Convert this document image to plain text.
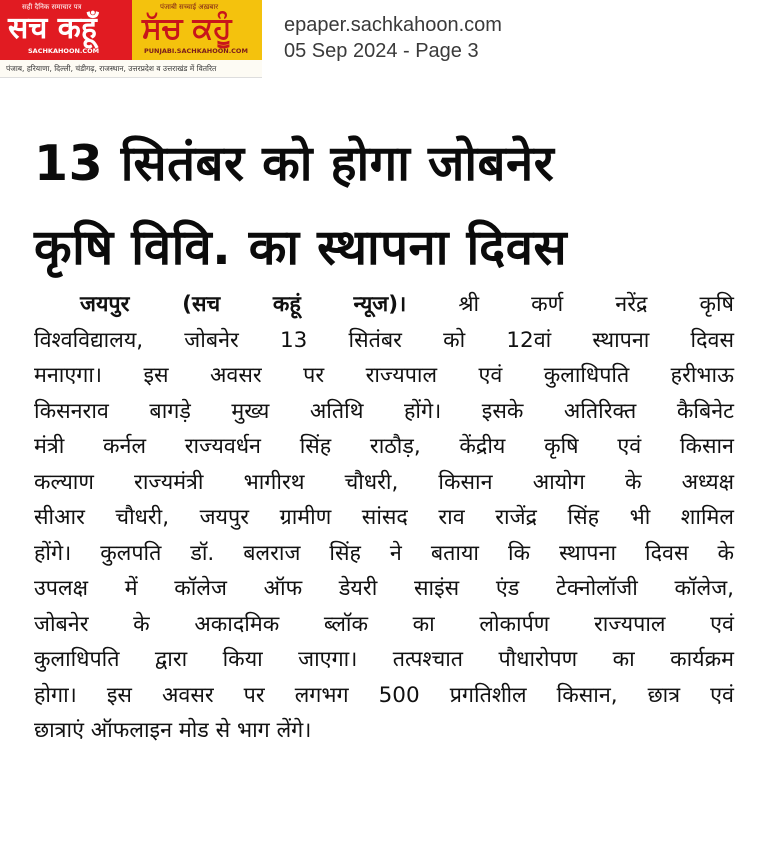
सही दैनिक समाचार पत्र
सच कहूँ
SACHKAHOON.COM
पंजाबी सच्चाई अख़बार
ਸੱਚ ਕਹੂੰ
PUNJABI.SACHKAHOON.COM
पंजाब, हरियाणा, दिल्ली, चंडीगढ़, राजस्थान, उत्तरप्रदेश व उत्तराखंड में वितरित
epaper.sachkahoon.com
05 Sep 2024 - Page 3
13 सितंबर को होगा जोबनेर
कृषि विवि. का स्थापना दिवस
जयपुर (सच कहूं न्यूज)। श्री कर्ण नरेंद्र कृषि
विश्वविद्यालय, जोबनेर 13 सितंबर को 12वां स्थापना दिवस
मनाएगा। इस अवसर पर राज्यपाल एवं कुलाधिपति हरीभाऊ
किसनराव बागड़े मुख्य अतिथि होंगे। इसके अतिरिक्त कैबिनेट
मंत्री कर्नल राज्यवर्धन सिंह राठौड़, केंद्रीय कृषि एवं किसान
कल्याण राज्यमंत्री भागीरथ चौधरी, किसान आयोग के अध्यक्ष
सीआर चौधरी, जयपुर ग्रामीण सांसद राव राजेंद्र सिंह भी शामिल
होंगे। कुलपति डॉ. बलराज सिंह ने बताया कि स्थापना दिवस के
उपलक्ष में कॉलेज ऑफ डेयरी साइंस एंड टेक्नोलॉजी कॉलेज,
जोबनेर के अकादमिक ब्लॉक का लोकार्पण राज्यपाल एवं
कुलाधिपति द्वारा किया जाएगा। तत्पश्चात पौधारोपण का कार्यक्रम
होगा। इस अवसर पर लगभग 500 प्रगतिशील किसान, छात्र एवं
छात्राएं ऑफलाइन मोड से भाग लेंगे।
